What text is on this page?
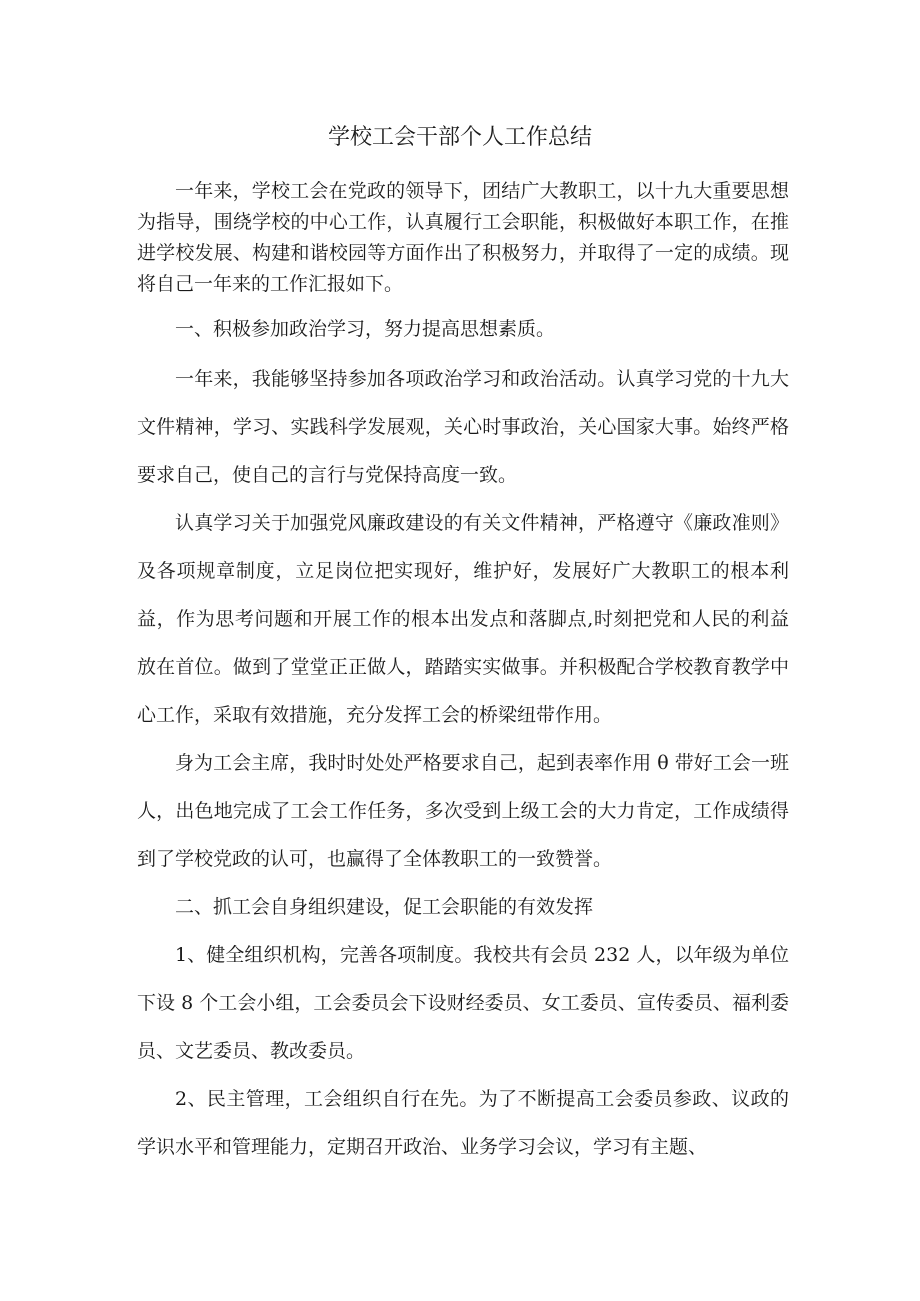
学校工会干部个人工作总结

一年来，学校工会在党政的领导下，团结广大教职工，以十九大重要思想为指导，围绕学校的中心工作，认真履行工会职能，积极做好本职工作，在推进学校发展、构建和谐校园等方面作出了积极努力，并取得了一定的成绩。现将自己一年来的工作汇报如下。

一、积极参加政治学习，努力提高思想素质。

一年来，我能够坚持参加各项政治学习和政治活动。认真学习党的十九大文件精神，学习、实践科学发展观，关心时事政治，关心国家大事。始终严格要求自己，使自己的言行与党保持高度一致。

认真学习关于加强党风廉政建设的有关文件精神，严格遵守《廉政准则》及各项规章制度，立足岗位把实现好，维护好，发展好广大教职工的根本利益，作为思考问题和开展工作的根本出发点和落脚点,时刻把党和人民的利益放在首位。做到了堂堂正正做人，踏踏实实做事。并积极配合学校教育教学中心工作，采取有效措施，充分发挥工会的桥梁纽带作用。

身为工会主席，我时时处处严格要求自己，起到表率作用 θ 带好工会一班人，出色地完成了工会工作任务，多次受到上级工会的大力肯定，工作成绩得到了学校党政的认可，也赢得了全体教职工的一致赞誉。

二、抓工会自身组织建设，促工会职能的有效发挥

1、健全组织机构，完善各项制度。我校共有会员 232 人，以年级为单位下设 8 个工会小组，工会委员会下设财经委员、女工委员、宣传委员、福利委员、文艺委员、教改委员。

2、民主管理，工会组织自行在先。为了不断提高工会委员参政、议政的学识水平和管理能力，定期召开政治、业务学习会议，学习有主题、
